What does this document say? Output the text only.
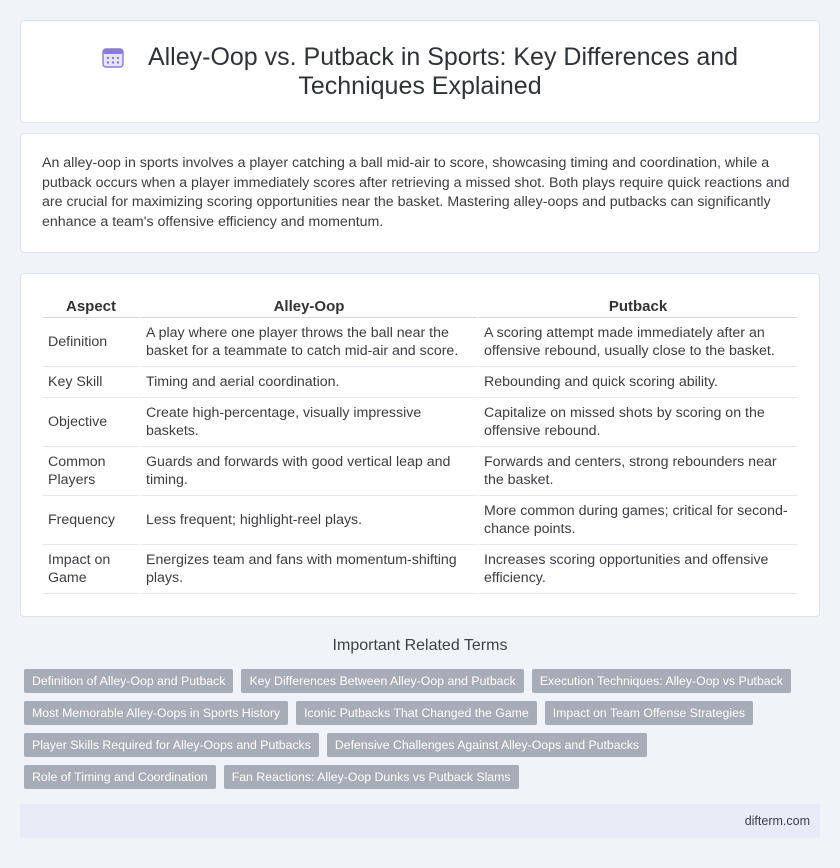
Alley-Oop vs. Putback in Sports: Key Differences and Techniques Explained

An alley-oop in sports involves a player catching a ball mid-air to score, showcasing timing and coordination, while a putback occurs when a player immediately scores after retrieving a missed shot. Both plays require quick reactions and are crucial for maximizing scoring opportunities near the basket. Mastering alley-oops and putbacks can significantly enhance a team's offensive efficiency and momentum.

Aspect	Alley-Oop	Putback
Definition	A play where one player throws the ball near the basket for a teammate to catch mid-air and score.	A scoring attempt made immediately after an offensive rebound, usually close to the basket.
Key Skill	Timing and aerial coordination.	Rebounding and quick scoring ability.
Objective	Create high-percentage, visually impressive baskets.	Capitalize on missed shots by scoring on the offensive rebound.
Common Players	Guards and forwards with good vertical leap and timing.	Forwards and centers, strong rebounders near the basket.
Frequency	Less frequent; highlight-reel plays.	More common during games; critical for second-chance points.
Impact on Game	Energizes team and fans with momentum-shifting plays.	Increases scoring opportunities and offensive efficiency.
Important Related Terms
Definition of Alley-Oop and Putback	Key Differences Between Alley-Oop and Putback	Execution Techniques: Alley-Oop vs Putback
Most Memorable Alley-Oops in Sports History	Iconic Putbacks That Changed the Game	Impact on Team Offense Strategies
Player Skills Required for Alley-Oops and Putbacks	Defensive Challenges Against Alley-Oops and Putbacks
Role of Timing and Coordination	Fan Reactions: Alley-Oop Dunks vs Putback Slams
difterm.com
